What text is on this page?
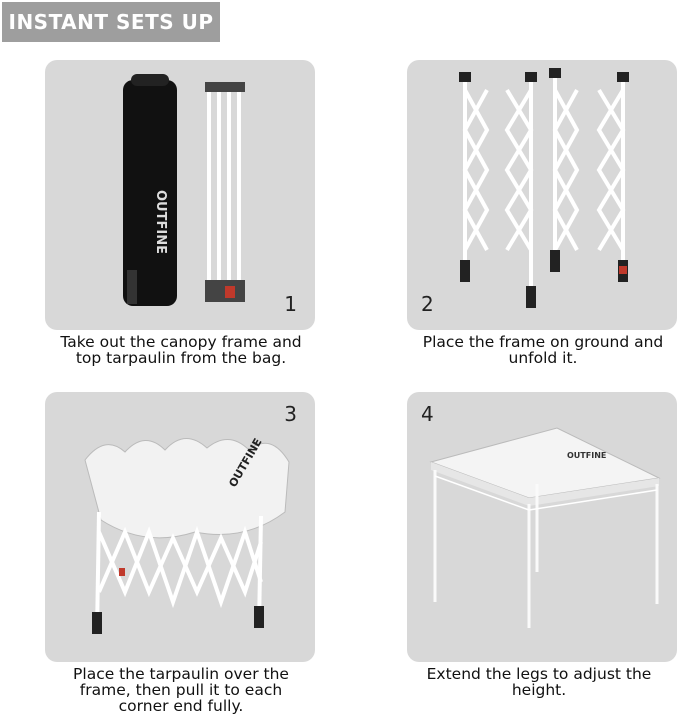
INSTANT SETS UP
OUTFINE
1
Take out the canopy frame and
top tarpaulin from the bag.
2
Place the frame on ground and
unfold it.
OUTFINE
3
Place the tarpaulin over the
frame, then pull it to each
corner end fully.
OUTFINE
4
Extend the legs to adjust the
height.
